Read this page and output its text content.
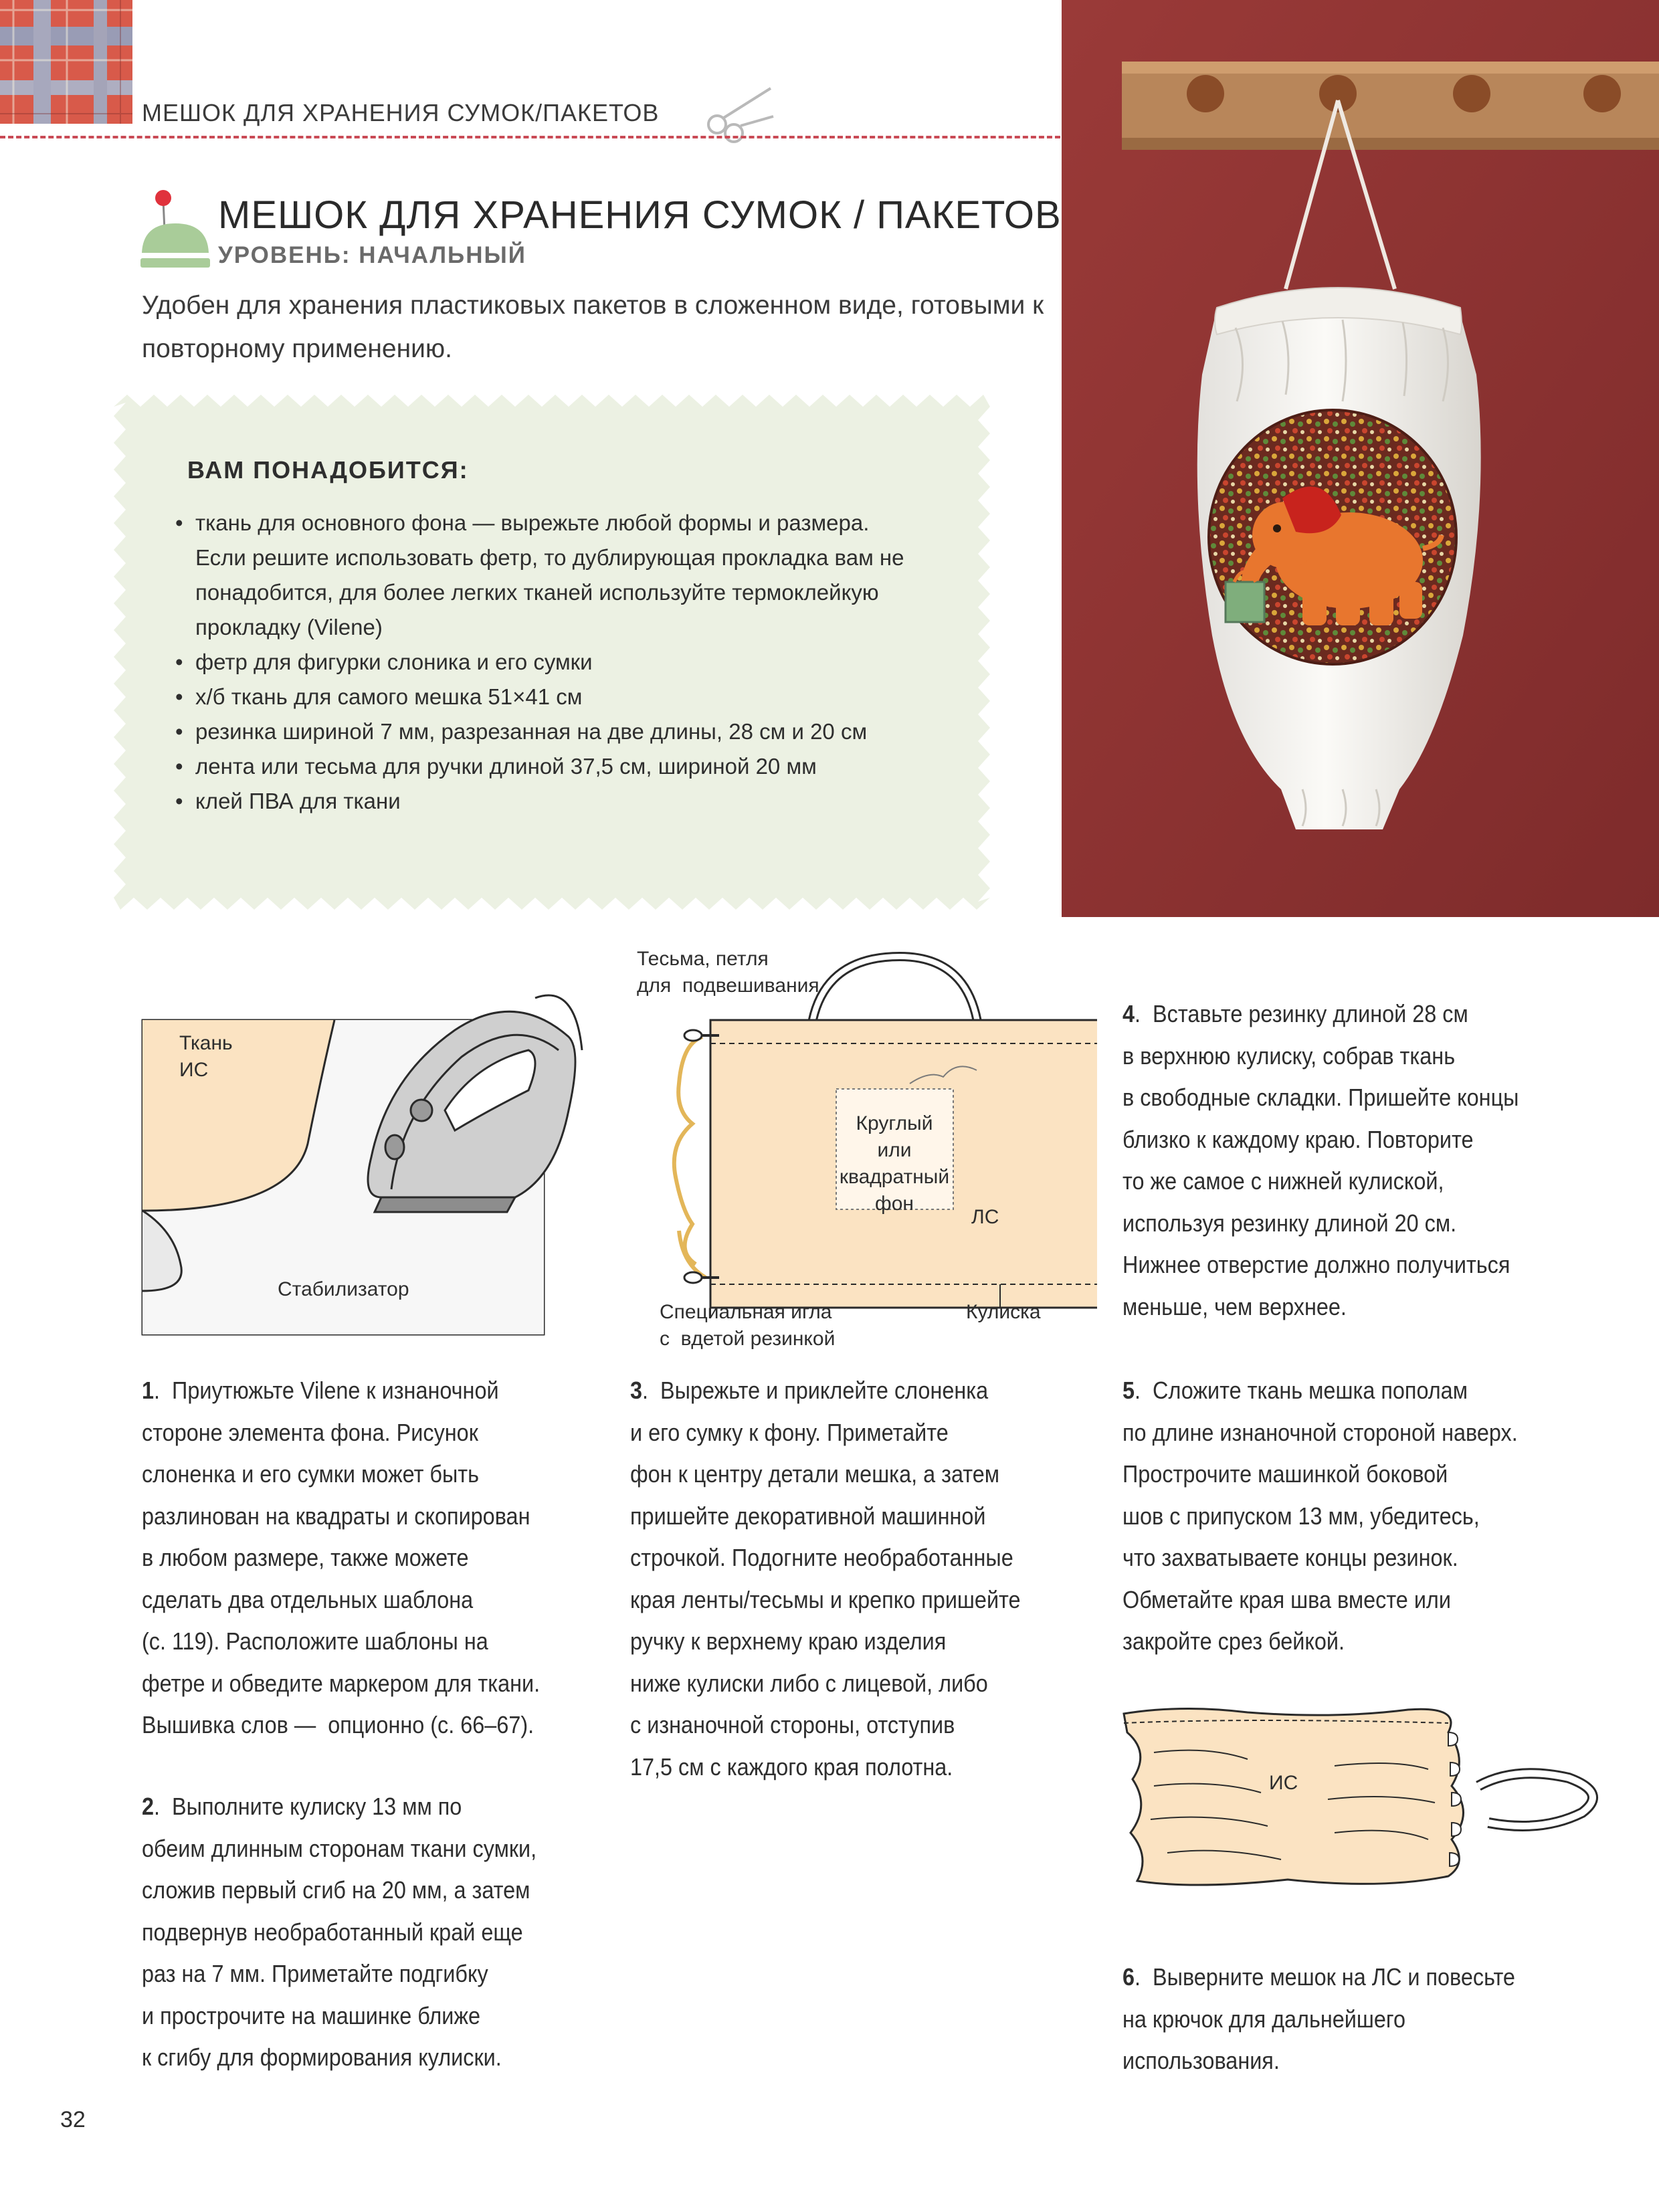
МЕШОК ДЛЯ ХРАНЕНИЯ СУМОК/ПАКЕТОВ
МЕШОК ДЛЯ ХРАНЕНИЯ СУМОК / ПАКЕТОВ
УРОВЕНЬ: НАЧАЛЬНЫЙ
Удобен для хранения пластиковых пакетов в сложенном виде, готовыми к повторному применению.
ВАМ ПОНАДОБИТСЯ:
• ткань для основного фона — вырежьте любой формы и размера. Если решите использовать фетр, то дублирующая прокладка вам не понадобится, для более легких тканей используйте термоклейкую прокладку (Vilene)
• фетр для фигурки слоника и его сумки
• х/б ткань для самого мешка 51×41 см
• резинка шириной 7 мм, разрезанная на две длины, 28 см и 20 см
• лента или тесьма для ручки длиной 37,5 см, шириной 20 мм
• клей ПВА для ткани
Ткань
ИС
Стабилизатор
Тесьма, петля
для  подвешивания
Круглый
или
квадратный
фон
ЛС
Специальная игла
с  вдетой резинкой
Кулиска
ИС
1.  Приутюжьте Vilene к изнаночной
стороне элемента фона. Рисунок
слоненка и его сумки может быть
разлинован на квадраты и скопирован
в любом размере, также можете
сделать два отдельных шаблона
(с. 119). Расположите шаблоны на
фетре и обведите маркером для ткани.
Вышивка слов —  опционно (с. 66–67).
2.  Выполните кулиску 13 мм по
обеим длинным сторонам ткани сумки,
сложив первый сгиб на 20 мм, а затем
подвернув необработанный край еще
раз на 7 мм. Приметайте подгибку
и прострочите на машинке ближе
к сгибу для формирования кулиски.
3.  Вырежьте и приклейте слоненка
и его сумку к фону. Приметайте
фон к центру детали мешка, а затем
пришейте декоративной машинной
строчкой. Подогните необработанные
края ленты/тесьмы и крепко пришейте
ручку к верхнему краю изделия
ниже кулиски либо с лицевой, либо
с изнаночной стороны, отступив
17,5 см с каждого края полотна.
4.  Вставьте резинку длиной 28 см
в верхнюю кулиску, собрав ткань
в свободные складки. Пришейте концы
близко к каждому краю. Повторите
то же самое с нижней кулиской,
используя резинку длиной 20 см.
Нижнее отверстие должно получиться
меньше, чем верхнее.
5.  Сложите ткань мешка пополам
по длине изнаночной стороной наверх.
Прострочите машинкой боковой
шов с припуском 13 мм, убедитесь,
что захватываете концы резинок.
Обметайте края шва вместе или
закройте срез бейкой.
6.  Выверните мешок на ЛС и повесьте
на крючок для дальнейшего
использования.
32
